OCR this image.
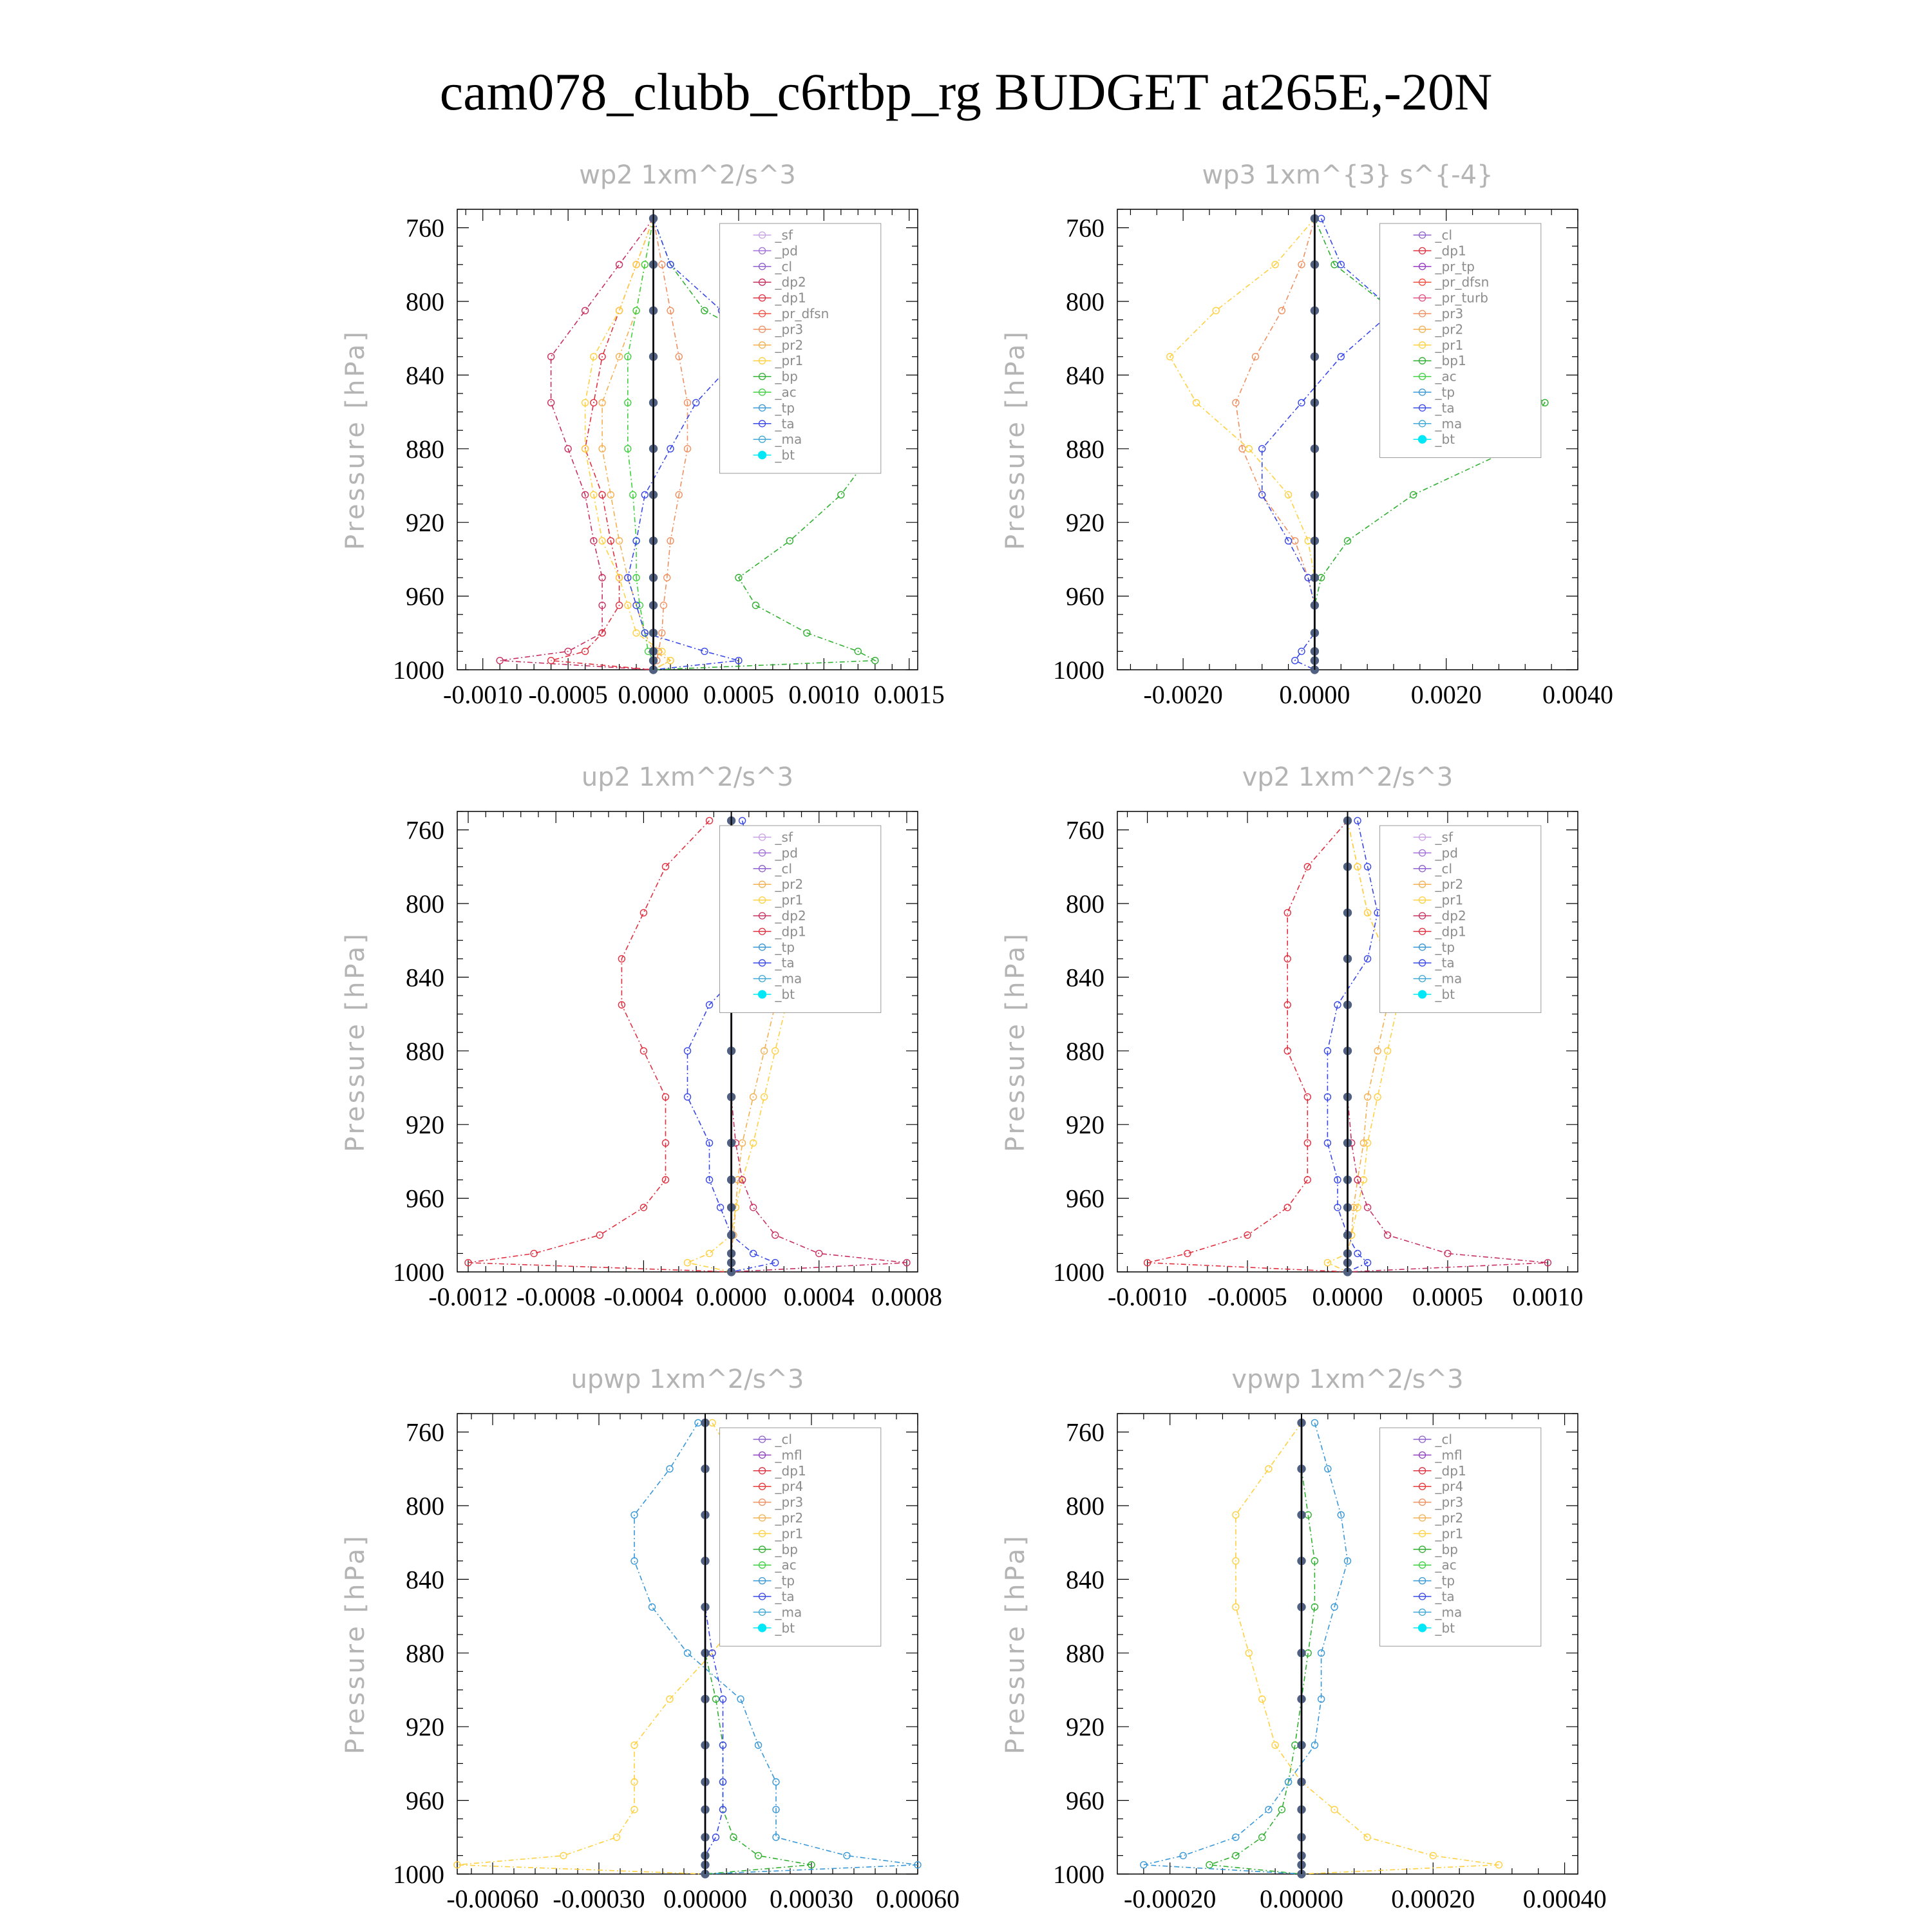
cam078_clubb_c6rtbp_rg BUDGET at265E,-20N
wp2 1xm^2/s^3
Pressure [hPa]
760
800
840
880
920
960
1000
-0.0010 -0.0005 0.0000 0.0005 0.0010 0.0015
_sf
_pd
_cl
_dp2
_dp1
_pr_dfsn
_pr3
_pr2
_pr1
_bp
_ac
_tp
_ta
_ma
_bt
wp3 1xm^{3} s^{-4}
Pressure [hPa]
760
800
840
880
920
960
1000
-0.0020 0.0000 0.0020 0.0040
_cl
_dp1
_pr_tp
_pr_dfsn
_pr_turb
_pr3
_pr2
_pr1
_bp1
_ac
_tp
_ta
_ma
_bt
up2 1xm^2/s^3
Pressure [hPa]
760
800
840
880
920
960
1000
-0.0012 -0.0008 -0.0004 0.0000 0.0004 0.0008
_sf
_pd
_cl
_pr2
_pr1
_dp2
_dp1
_tp
_ta
_ma
_bt
vp2 1xm^2/s^3
Pressure [hPa]
760
800
840
880
920
960
1000
-0.0010 -0.0005 0.0000 0.0005 0.0010
_sf
_pd
_cl
_pr2
_pr1
_dp2
_dp1
_tp
_ta
_ma
_bt
upwp 1xm^2/s^3
Pressure [hPa]
760
800
840
880
920
960
1000
-0.00060 -0.00030 0.00000 0.00030 0.00060
_cl
_mfl
_dp1
_pr4
_pr3
_pr2
_pr1
_bp
_ac
_tp
_ta
_ma
_bt
vpwp 1xm^2/s^3
Pressure [hPa]
760
800
840
880
920
960
1000
-0.00020 0.00000 0.00020 0.00040
_cl
_mfl
_dp1
_pr4
_pr3
_pr2
_pr1
_bp
_ac
_tp
_ta
_ma
_bt
